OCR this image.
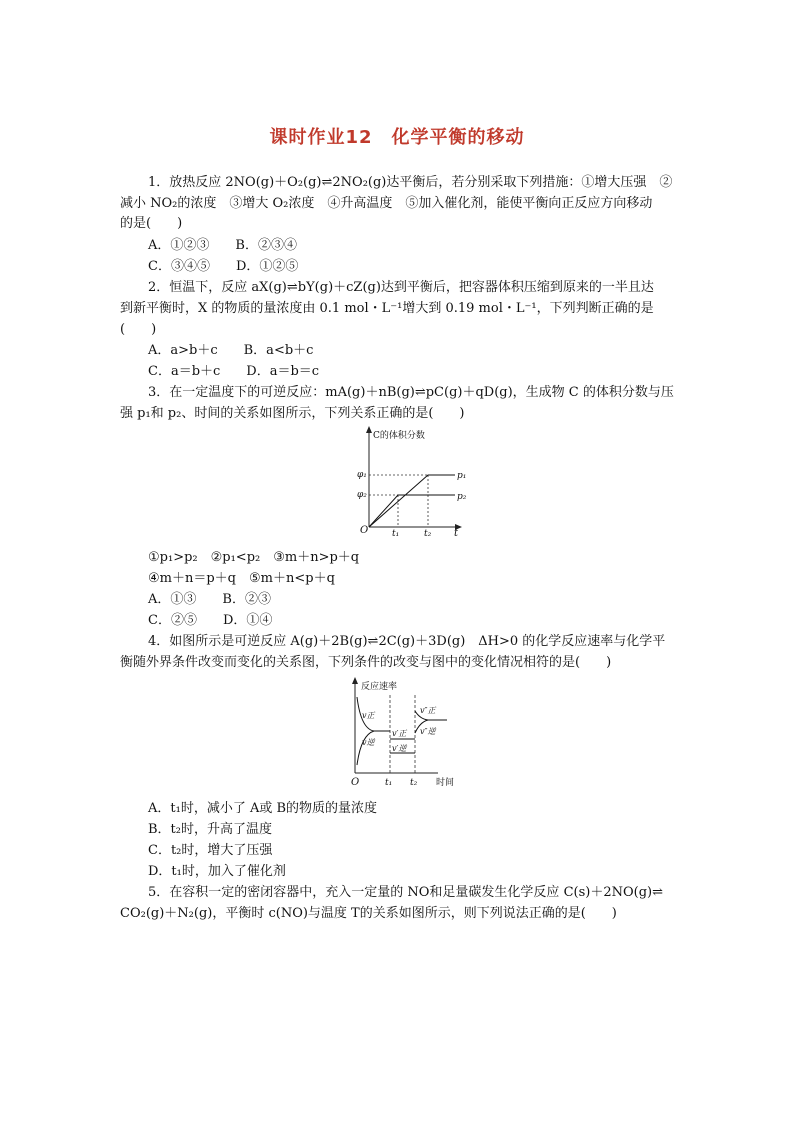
课时作业12　化学平衡的移动
1．放热反应 2NO(g)＋O₂(g)⇌2NO₂(g)达平衡后，若分别采取下列措施：①增大压强　②
减小 NO₂的浓度　③增大 O₂浓度　④升高温度　⑤加入催化剂，能使平衡向正反应方向移动
的是(　　)
A．①②③　　B．②③④
C．③④⑤　　D．①②⑤
2．恒温下，反应 aX(g)⇌bY(g)＋cZ(g)达到平衡后，把容器体积压缩到原来的一半且达
到新平衡时，X 的物质的量浓度由 0.1 mol・L⁻¹增大到 0.19 mol・L⁻¹，下列判断正确的是
(　　)
A．a>b＋c　　B．a<b＋c
C．a＝b＋c　　D．a＝b＝c
3．在一定温度下的可逆反应：mA(g)＋nB(g)⇌pC(g)＋qD(g)，生成物 C 的体积分数与压
强 p₁和 p₂、时间的关系如图所示，下列关系正确的是(　　)
C的体积分数
O
φ₁
φ₂
p₁
p₂
t₁	t₂ t
①p₁>p₂　②p₁<p₂　③m＋n>p＋q
④m＋n＝p＋q　⑤m＋n<p＋q
A．①③　　B．②③
C．②⑤　　D．①④
4．如图所示是可逆反应 A(g)＋2B(g)⇌2C(g)＋3D(g)　ΔH>0 的化学反应速率与化学平
衡随外界条件改变而变化的关系图，下列条件的改变与图中的变化情况相符的是(　　)
反应速率
O
v正
v逆
v′正
v′逆
v″正
v″逆
t₁ t₂ 时间
A．t₁时，减小了 A或 B的物质的量浓度
B．t₂时，升高了温度
C．t₂时，增大了压强
D．t₁时，加入了催化剂
5．在容积一定的密闭容器中，充入一定量的 NO和足量碳发生化学反应 C(s)＋2NO(g)⇌
CO₂(g)＋N₂(g)，平衡时 c(NO)与温度 T的关系如图所示，则下列说法正确的是(　　)
